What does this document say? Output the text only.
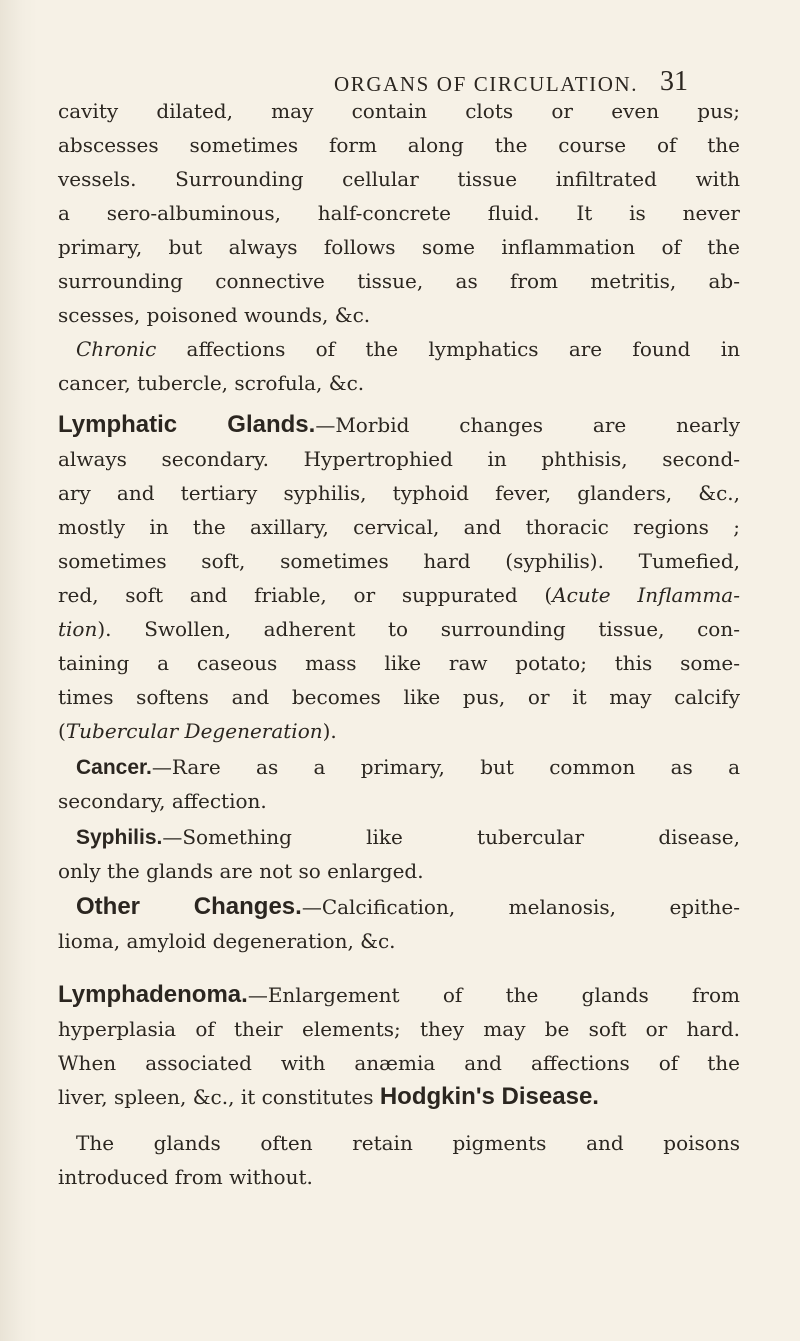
ORGANS OF CIRCULATION. 31
cavity dilated, may contain clots or even pus;
abscesses sometimes form along the course of the
vessels. Surrounding cellular tissue infiltrated with
a sero-albuminous, half-concrete fluid. It is never
primary, but always follows some inflammation of the
surrounding connective tissue, as from metritis, ab-
scesses, poisoned wounds, &c.
Chronic affections of the lymphatics are found in
cancer, tubercle, scrofula, &c.
Lymphatic Glands.—Morbid changes are nearly
always secondary. Hypertrophied in phthisis, second-
ary and tertiary syphilis, typhoid fever, glanders, &c.,
mostly in the axillary, cervical, and thoracic regions ;
sometimes soft, sometimes hard (syphilis). Tumefied,
red, soft and friable, or suppurated (Acute Inflamma-
tion). Swollen, adherent to surrounding tissue, con-
taining a caseous mass like raw potato; this some-
times softens and becomes like pus, or it may calcify
(Tubercular Degeneration).
Cancer.—Rare as a primary, but common as a
secondary, affection.
Syphilis.—Something like tubercular disease,
only the glands are not so enlarged.
Other Changes.—Calcification, melanosis, epithe-
lioma, amyloid degeneration, &c.
Lymphadenoma.—Enlargement of the glands from
hyperplasia of their elements; they may be soft or hard.
When associated with anæmia and affections of the
liver, spleen, &c., it constitutes Hodgkin's Disease.
The glands often retain pigments and poisons
introduced from without.
